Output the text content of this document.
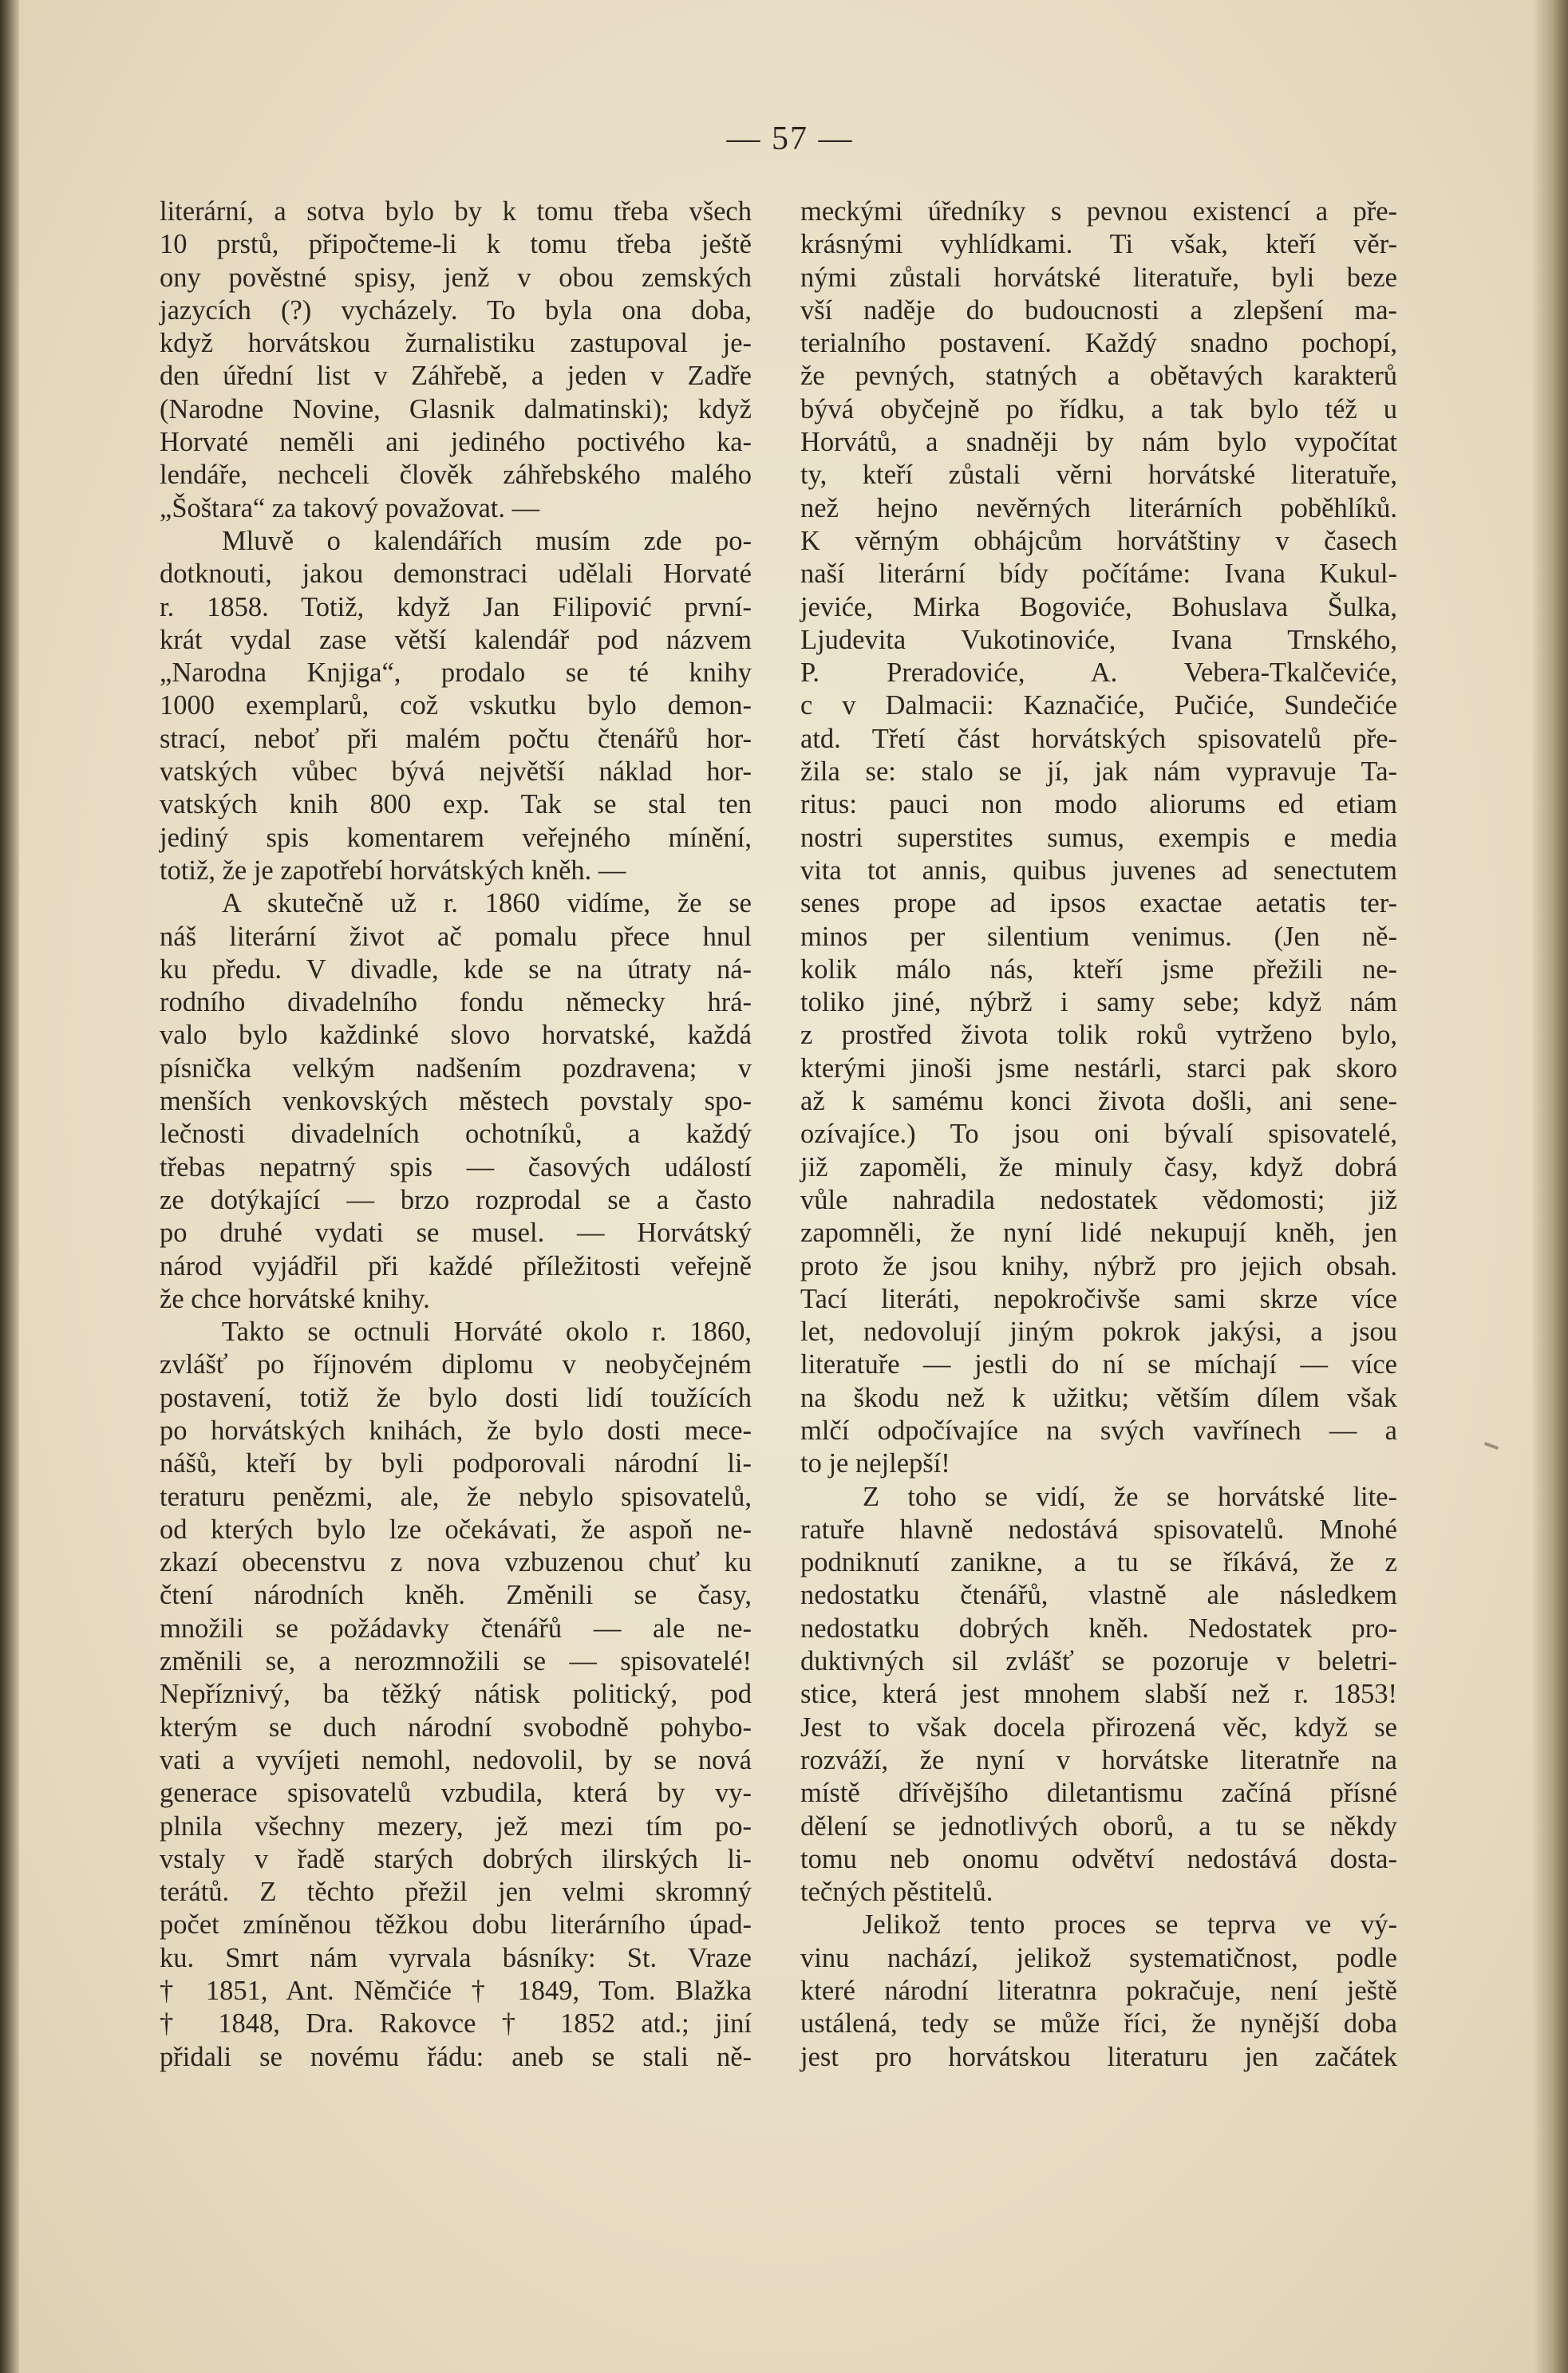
— 57 —
literární, a sotva bylo by k tomu třeba všech
10 prstů, připočteme-li k tomu třeba ještě
ony pověstné spisy, jenž v obou zemských
jazycích (?) vycházely. To byla ona doba,
když horvátskou žurnalistiku zastupoval je-
den úřední list v Záhřebě, a jeden v Zadře
(Narodne Novine, Glasnik dalmatinski); když
Horvaté neměli ani jediného poctivého ka-
lendáře, nechceli člověk záhřebského malého
„Šoštara“ za takový považovat. —
Mluvě o kalendářích musím zde po-
dotknouti, jakou demonstraci udělali Horvaté
r. 1858. Totiž, když Jan Filipović první-
krát vydal zase větší kalendář pod názvem
„Narodna Knjiga“, prodalo se té knihy
1000 exemplarů, což vskutku bylo demon-
strací, neboť při malém počtu čtenářů hor-
vatských vůbec bývá největší náklad hor-
vatských knih 800 exp. Tak se stal ten
jediný spis komentarem veřejného mínění,
totiž, že je zapotřebí horvátských kněh. —
A skutečně už r. 1860 vidíme, že se
náš literární život ač pomalu přece hnul
ku předu. V divadle, kde se na útraty ná-
rodního divadelního fondu německy hrá-
valo bylo každinké slovo horvatské, každá
písnička velkým nadšením pozdravena; v
menších venkovských městech povstaly spo-
lečnosti divadelních ochotníků, a každý
třebas nepatrný spis — časových událostí
ze dotýkající — brzo rozprodal se a často
po druhé vydati se musel. — Horvátský
národ vyjádřil při každé příležitosti veřejně
že chce horvátské knihy.
Takto se octnuli Horváté okolo r. 1860,
zvlášť po říjnovém diplomu v neobyčejném
postavení, totiž že bylo dosti lidí toužících
po horvátských knihách, že bylo dosti mece-
nášů, kteří by byli podporovali národní li-
teraturu penězmi, ale, že nebylo spisovatelů,
od kterých bylo lze očekávati, že aspoň ne-
zkazí obecenstvu z nova vzbuzenou chuť ku
čtení národních kněh. Změnili se časy,
množili se požádavky čtenářů — ale ne-
změnili se, a nerozmnožili se — spisovatelé!
Nepříznivý, ba těžký nátisk politický, pod
kterým se duch národní svobodně pohybo-
vati a vyvíjeti nemohl, nedovolil, by se nová
generace spisovatelů vzbudila, která by vy-
plnila všechny mezery, jež mezi tím po-
vstaly v řadě starých dobrých ilirských li-
terátů. Z těchto přežil jen velmi skromný
počet zmíněnou těžkou dobu literárního úpad-
ku. Smrt nám vyrvala básníky: St. Vraze
† 1851, Ant. Němčiće † 1849, Tom. Blažka
† 1848, Dra. Rakovce † 1852 atd.; jiní
přidali se novému řádu: aneb se stali ně-
meckými úředníky s pevnou existencí a pře-
krásnými vyhlídkami. Ti však, kteří věr-
nými zůstali horvátské literatuře, byli beze
vší naděje do budoucnosti a zlepšení ma-
terialního postavení. Každý snadno pochopí,
že pevných, statných a obětavých karakterů
bývá obyčejně po řídku, a tak bylo též u
Horvátů, a snadněji by nám bylo vypočítat
ty, kteří zůstali věrni horvátské literatuře,
než hejno nevěrných literárních poběhlíků.
K věrným obhájcům horvátštiny v časech
naší literární bídy počítáme: Ivana Kukul-
jeviće, Mirka Bogoviće, Bohuslava Šulka,
Ljudevita Vukotinoviće, Ivana Trnského,
P. Preradoviće, A. Vebera-Tkalčeviće,
c v Dalmacii: Kaznačiće, Pučiće, Sundečiće
atd. Třetí část horvátských spisovatelů pře-
žila se: stalo se jí, jak nám vypravuje Ta-
ritus: pauci non modo aliorums ed etiam
nostri superstites sumus, exempis e media
vita tot annis, quibus juvenes ad senectutem
senes prope ad ipsos exactae aetatis ter-
minos per silentium venimus. (Jen ně-
kolik málo nás, kteří jsme přežili ne-
toliko jiné, nýbrž i samy sebe; když nám
z prostřed života tolik roků vytrženo bylo,
kterými jinoši jsme nestárli, starci pak skoro
až k samému konci života došli, ani sene-
ozívajíce.) To jsou oni bývalí spisovatelé,
již zapoměli, že minuly časy, když dobrá
vůle nahradila nedostatek vědomosti; již
zapomněli, že nyní lidé nekupují kněh, jen
proto že jsou knihy, nýbrž pro jejich obsah.
Tací literáti, nepokročivše sami skrze více
let, nedovolují jiným pokrok jakýsi, a jsou
literatuře — jestli do ní se míchají — více
na škodu než k užitku; větším dílem však
mlčí odpočívajíce na svých vavřínech — a
to je nejlepší!
Z toho se vidí, že se horvátské lite-
ratuře hlavně nedostává spisovatelů. Mnohé
podniknutí zanikne, a tu se říkává, že z
nedostatku čtenářů, vlastně ale následkem
nedostatku dobrých kněh. Nedostatek pro-
duktivných sil zvlášť se pozoruje v beletri-
stice, která jest mnohem slabší než r. 1853!
Jest to však docela přirozená věc, když se
rozváží, že nyní v horvátske literatnře na
místě dřívějšího diletantismu začíná přísné
dělení se jednotlivých oborů, a tu se někdy
tomu neb onomu odvětví nedostává dosta-
tečných pěstitelů.
Jelikož tento proces se teprva ve vý-
vinu nachází, jelikož systematičnost, podle
které národní literatnra pokračuje, není ještě
ustálená, tedy se může říci, že nynější doba
jest pro horvátskou literaturu jen začátek
